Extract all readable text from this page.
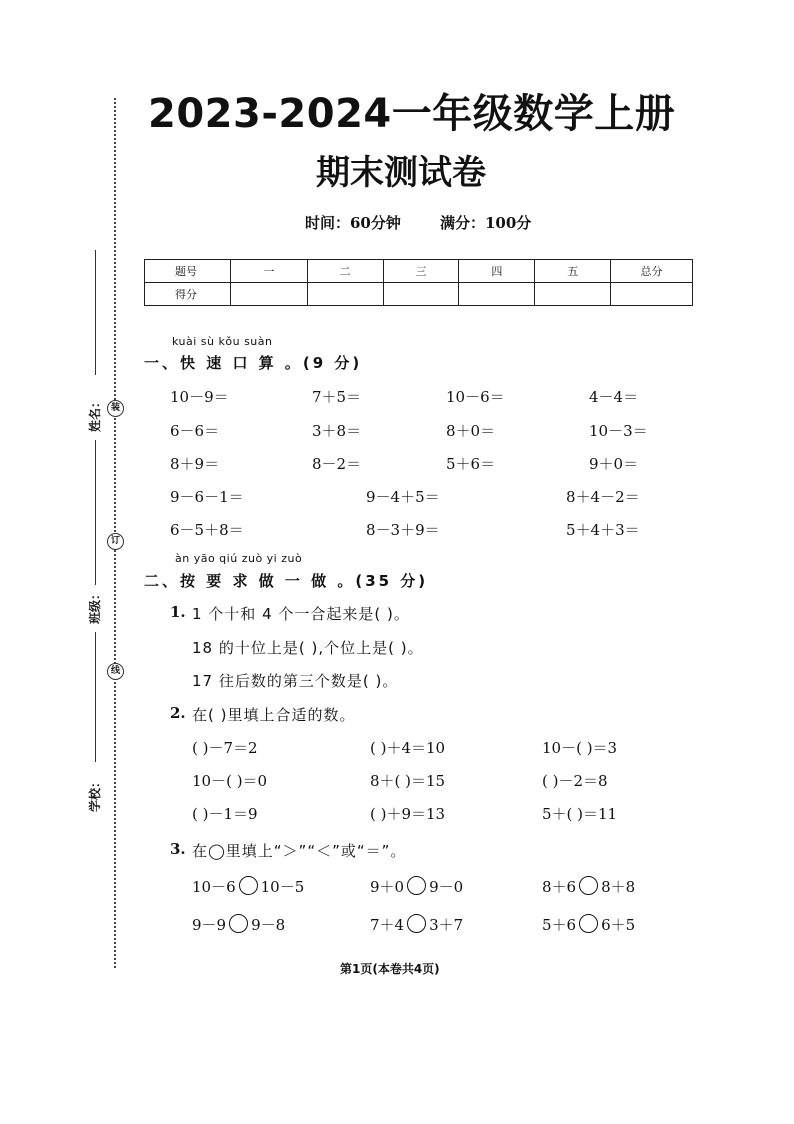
装
订
线
姓名：
班级：
学校：
2023-2024一年级数学上册
期末测试卷
时间：60分钟	满分：100分
题号	一	二	三	四	五	总分
得分						
kuài sù kǒu suàn
一、快 速 口 算 。(9 分)
10－9＝	7＋5＝	10－6＝	4－4＝
6－6＝	3＋8＝	8＋0＝	10－3＝
8＋9＝	8－2＝	5＋6＝	9＋0＝
9－6－1＝	9－4＋5＝	8＋4－2＝
6－5＋8＝	8－3＋9＝	5＋4＋3＝
àn yāo qiú zuò yi zuò
二、按 要 求 做 一 做 。(35 分)
1. 1 个十和 4 个一合起来是( )。
18 的十位上是( ),个位上是( )。
17 往后数的第三个数是( )。
2. 在( )里填上合适的数。
( )－7＝2	( )＋4＝10	10－( )＝3
10－( )＝0	8＋( )＝15	( )－2＝8
( )－1＝9	( )＋9＝13	5＋( )＝11
3. 在◯里填上“＞”“＜”或“＝”。
10－6 10－5	9＋0 9－0	8＋6 8＋8
9－9 9－8	7＋4 3＋7	5＋6 6＋5
第1页(本卷共4页)
